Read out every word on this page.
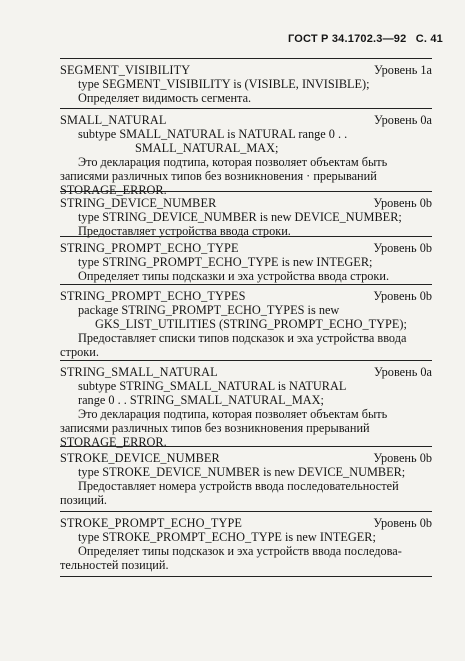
ГОСТ Р 34.1702.3—92 С. 41
SEGMENT_VISIBILITY	Уровень 1a
type SEGMENT_VISIBILITY is (VISIBLE, INVISIBLE);
Определяет видимость сегмента.
SMALL_NATURAL	Уровень 0a
subtype SMALL_NATURAL is NATURAL range 0 . .
SMALL_NATURAL_MAX;
Это декларация подтипа, которая позволяет объектам быть
записями различных типов без возникновения · прерываний
STORAGE_ERROR.
STRING_DEVICE_NUMBER	Уровень 0b
type STRING_DEVICE_NUMBER is new DEVICE_NUMBER;
Предоставляет устройства ввода строки.
STRING_PROMPT_ECHO_TYPE	Уровень 0b
type STRING_PROMPT_ECHO_TYPE is new INTEGER;
Определяет типы подсказки и эха устройства ввода строки.
STRING_PROMPT_ECHO_TYPES	Уровень 0b
package STRING_PROMPT_ECHO_TYPES is new
GKS_LIST_UTILITIES (STRING_PROMPT_ECHO_TYPE);
Предоставляет списки типов подсказок и эха устройства ввода
строки.
STRING_SMALL_NATURAL	Уровень 0a
subtype STRING_SMALL_NATURAL is NATURAL
range 0 . . STRING_SMALL_NATURAL_MAX;
Это декларация подтипа, которая позволяет объектам быть
записями различных типов без возникновения прерываний
STORAGE_ERROR.
STROKE_DEVICE_NUMBER	Уровень 0b
type STROKE_DEVICE_NUMBER is new DEVICE_NUMBER;
Предоставляет номера устройств ввода последовательностей
позиций.
STROKE_PROMPT_ECHO_TYPE	Уровень 0b
type STROKE_PROMPT_ECHO_TYPE is new INTEGER;
Определяет типы подсказок и эха устройств ввода последова-
тельностей позиций.
